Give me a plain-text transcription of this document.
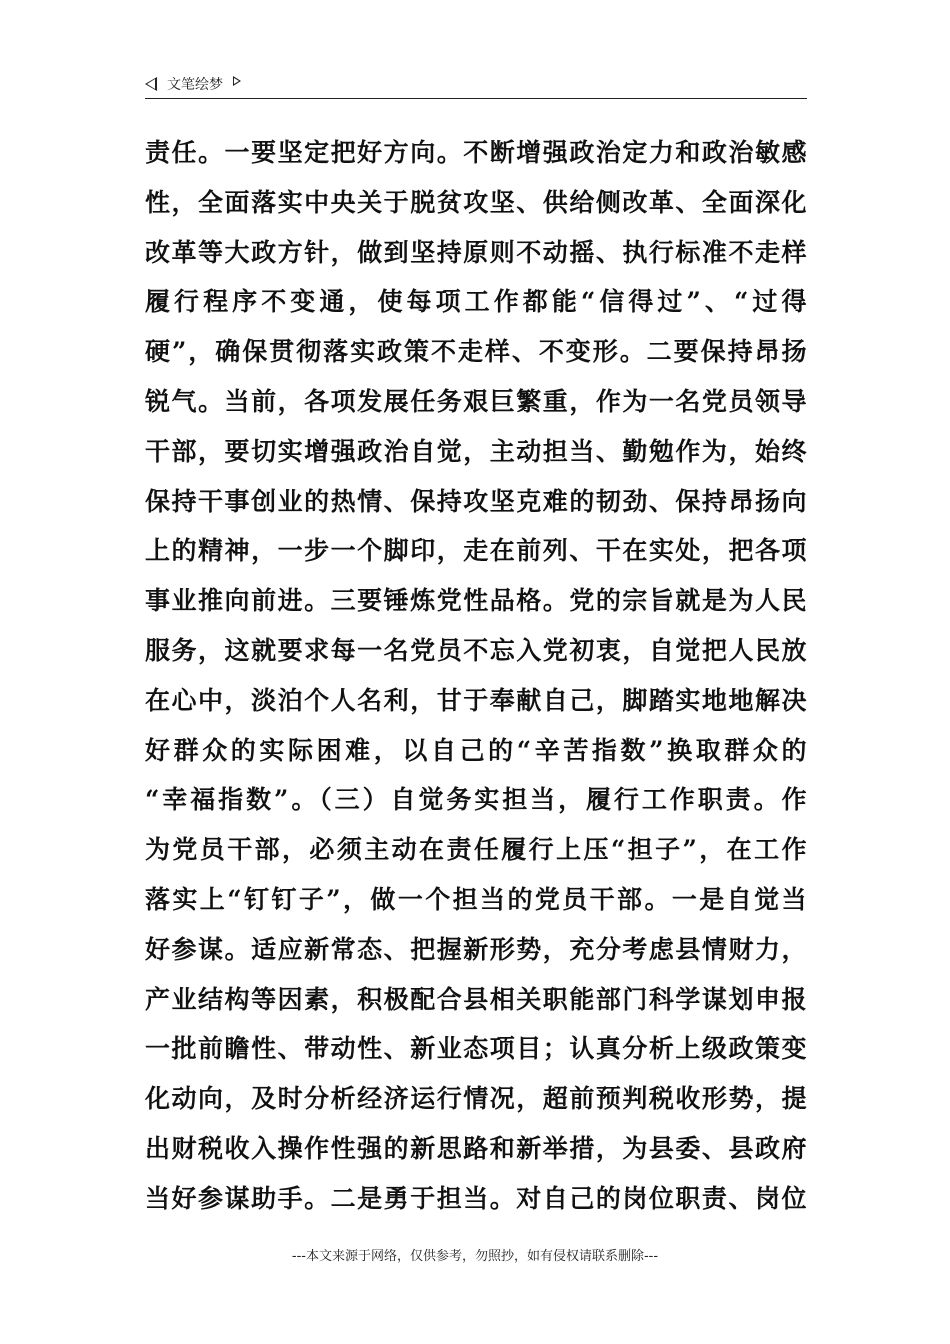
文笔绘梦
责任。一要坚定把好方向。不断增强政治定力和政治敏感
性，全面落实中央关于脱贫攻坚、供给侧改革、全面深化
改革等大政方针，做到坚持原则不动摇、执行标准不走样
履行程序不变通，使每项工作都能“信得过”、“过得
硬”，确保贯彻落实政策不走样、不变形。二要保持昂扬
锐气。当前，各项发展任务艰巨繁重，作为一名党员领导
干部，要切实增强政治自觉，主动担当、勤勉作为，始终
保持干事创业的热情、保持攻坚克难的韧劲、保持昂扬向
上的精神，一步一个脚印，走在前列、干在实处，把各项
事业推向前进。三要锤炼党性品格。党的宗旨就是为人民
服务，这就要求每一名党员不忘入党初衷，自觉把人民放
在心中，淡泊个人名利，甘于奉献自己，脚踏实地地解决
好群众的实际困难，以自己的“辛苦指数”换取群众的
“幸福指数”。（三）自觉务实担当，履行工作职责。作
为党员干部，必须主动在责任履行上压“担子”，在工作
落实上“钉钉子”，做一个担当的党员干部。一是自觉当
好参谋。适应新常态、把握新形势，充分考虑县情财力，
产业结构等因素，积极配合县相关职能部门科学谋划申报
一批前瞻性、带动性、新业态项目；认真分析上级政策变
化动向，及时分析经济运行情况，超前预判税收形势，提
出财税收入操作性强的新思路和新举措，为县委、县政府
当好参谋助手。二是勇于担当。对自己的岗位职责、岗位
---本文来源于网络，仅供参考，勿照抄，如有侵权请联系删除---
